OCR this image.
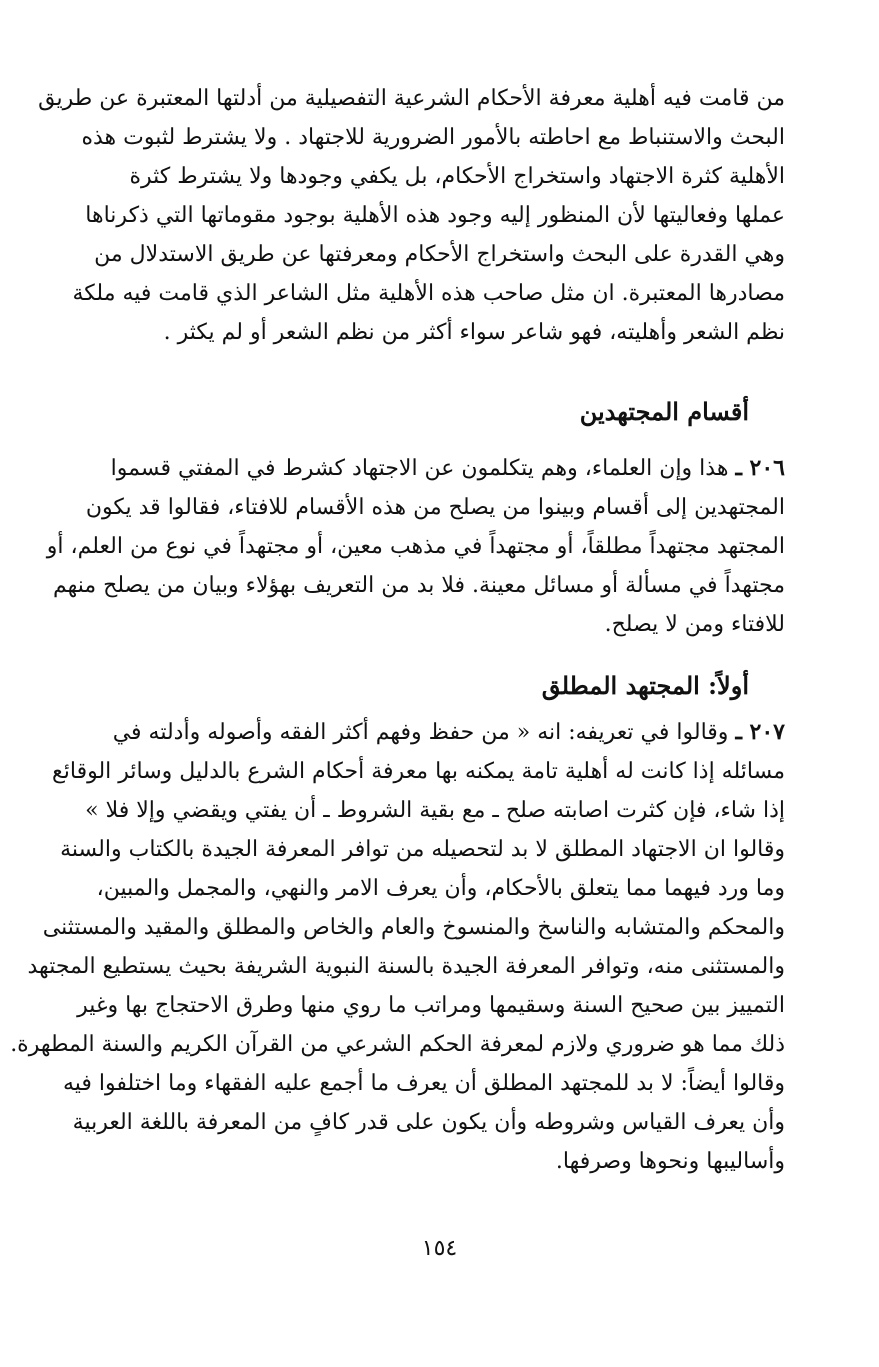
من قامت فيه أهلية معرفة الأحكام الشرعية التفصيلية من أدلتها المعتبرة عن طريق
البحث والاستنباط مع احاطته بالأمور الضرورية للاجتهاد . ولا يشترط لثبوت هذه
الأهلية كثرة الاجتهاد واستخراج الأحكام، بل يكفي وجودها ولا يشترط كثرة
عملها وفعاليتها لأن المنظور إليه وجود هذه الأهلية بوجود مقوماتها التي ذكرناها
وهي القدرة على البحث واستخراج الأحكام ومعرفتها عن طريق الاستدلال من
مصادرها المعتبرة. ان مثل صاحب هذه الأهلية مثل الشاعر الذي قامت فيه ملكة
نظم الشعر وأهليته، فهو شاعر سواء أكثر من نظم الشعر أو لم يكثر .
أقسام المجتهدين
٢٠٦ ـ هذا وإن العلماء، وهم يتكلمون عن الاجتهاد كشرط في المفتي قسموا
المجتهدين إلى أقسام وبينوا من يصلح من هذه الأقسام للافتاء، فقالوا قد يكون
المجتهد مجتهداً مطلقاً، أو مجتهداً في مذهب معين، أو مجتهداً في نوع من العلم، أو
مجتهداً في مسألة أو مسائل معينة. فلا بد من التعريف بهؤلاء وبيان من يصلح منهم
للافتاء ومن لا يصلح.
أولاً: المجتهد المطلق
٢٠٧ ـ وقالوا في تعريفه: انه « من حفظ وفهم أكثر الفقه وأصوله وأدلته في
مسائله إذا كانت له أهلية تامة يمكنه بها معرفة أحكام الشرع بالدليل وسائر الوقائع
إذا شاء، فإن كثرت اصابته صلح ـ مع بقية الشروط ـ أن يفتي ويقضي وإلا فلا »
وقالوا ان الاجتهاد المطلق لا بد لتحصيله من توافر المعرفة الجيدة بالكتاب والسنة
وما ورد فيهما مما يتعلق بالأحكام، وأن يعرف الامر والنهي، والمجمل والمبين،
والمحكم والمتشابه والناسخ والمنسوخ والعام والخاص والمطلق والمقيد والمستثنى
والمستثنى منه، وتوافر المعرفة الجيدة بالسنة النبوية الشريفة بحيث يستطيع المجتهد
التمييز بين صحيح السنة وسقيمها ومراتب ما روي منها وطرق الاحتجاج بها وغير
ذلك مما هو ضروري ولازم لمعرفة الحكم الشرعي من القرآن الكريم والسنة المطهرة.
وقالوا أيضاً: لا بد للمجتهد المطلق أن يعرف ما أجمع عليه الفقهاء وما اختلفوا فيه
وأن يعرف القياس وشروطه وأن يكون على قدر كافٍ من المعرفة باللغة العربية
وأساليبها ونحوها وصرفها.
١٥٤
